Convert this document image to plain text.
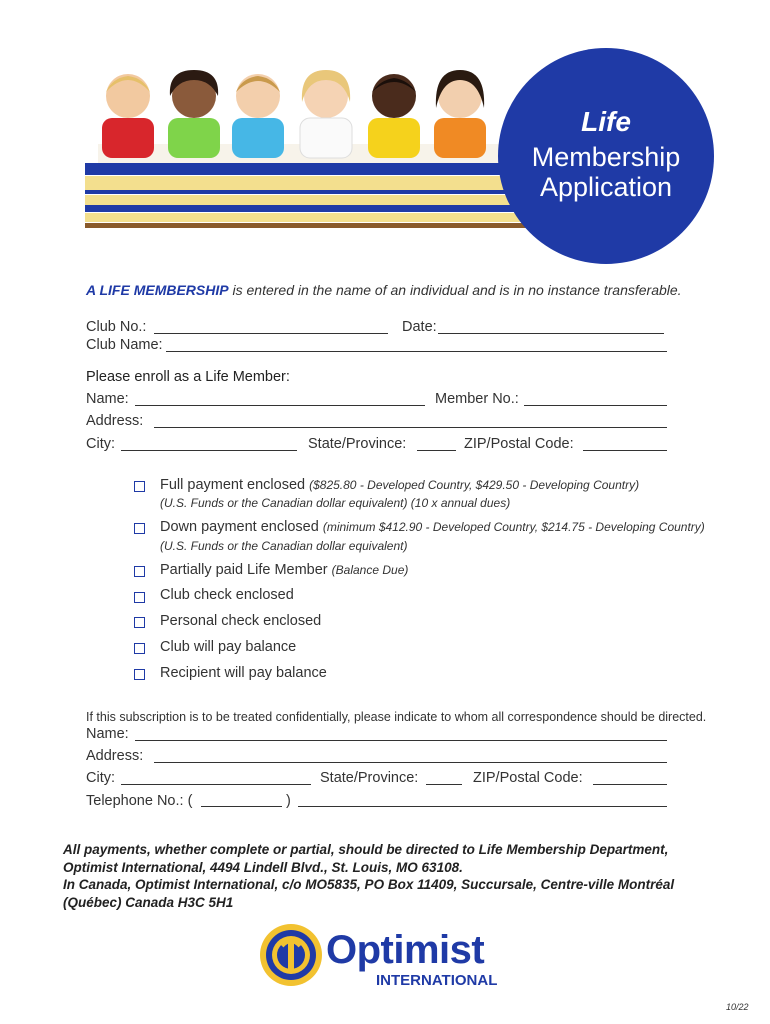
Life
Membership
Application
A LIFE MEMBERSHIP is entered in the name of an individual and is in no instance transferable.
Club No.:	Date:
Club Name:
Please enroll as a Life Member:
Name:	Member No.:
Address:
City:	State/Province:	ZIP/Postal Code:
Full payment enclosed ($825.80 - Developed Country, $429.50 - Developing Country)
(U.S. Funds or the Canadian dollar equivalent) (10 x annual dues)
Down payment enclosed (minimum $412.90 - Developed Country, $214.75 - Developing Country)
(U.S. Funds or the Canadian dollar equivalent)
Partially paid Life Member (Balance Due)
Club check enclosed
Personal check enclosed
Club will pay balance
Recipient will pay balance
If this subscription is to be treated confidentially, please indicate to whom all correspondence should be directed.
Name:
Address:
City:	State/Province:	ZIP/Postal Code:
Telephone No.: (	)
All payments, whether complete or partial, should be directed to Life Membership Department,
Optimist International, 4494 Lindell Blvd., St. Louis, MO 63108.
In Canada, Optimist International, c/o MO5835, PO Box 11409, Succursale, Centre-ville Montréal
(Québec) Canada H3C 5H1
Optimist
INTERNATIONAL
10/22
